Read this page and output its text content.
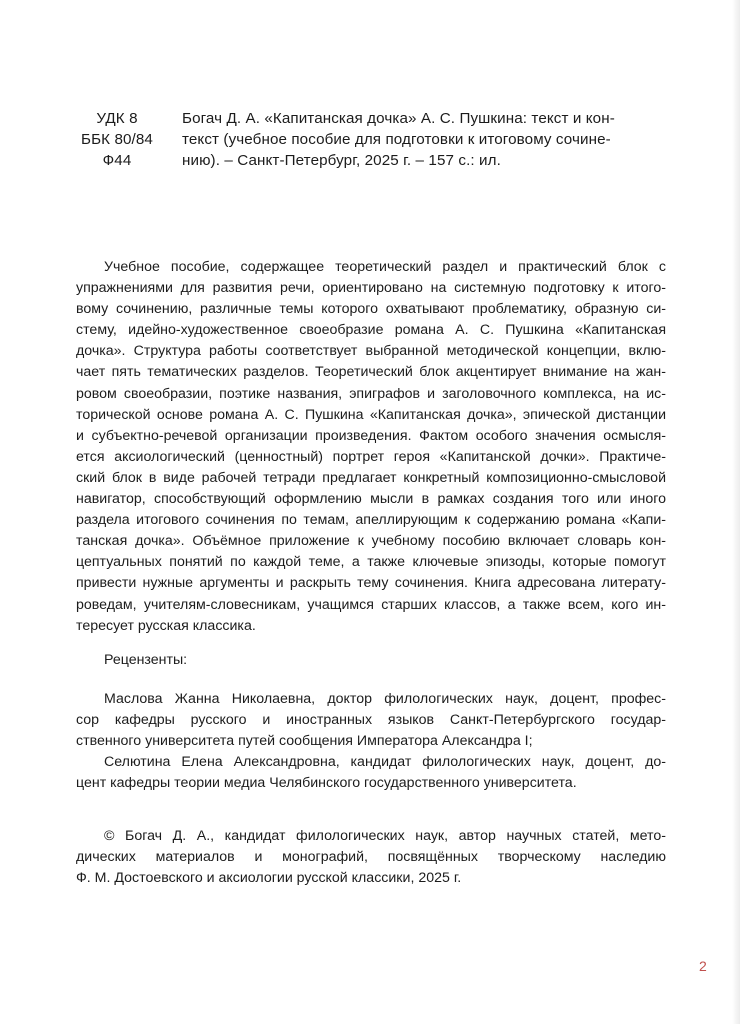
УДК 8
ББК 80/84
Ф44
Богач Д. А. «Капитанская дочка» А. С. Пушкина: текст и кон-
текст (учебное пособие для подготовки к итоговому сочине-
нию). – Санкт-Петербург, 2025 г. – 157 с.: ил.
Учебное пособие, содержащее теоретический раздел и практический блок с
упражнениями для развития речи, ориентировано на системную подготовку к итого-
вому сочинению, различные темы которого охватывают проблематику, образную си-
стему, идейно-художественное своеобразие романа А. С. Пушкина «Капитанская
дочка». Структура работы соответствует выбранной методической концепции, вклю-
чает пять тематических разделов. Теоретический блок акцентирует внимание на жан-
ровом своеобразии, поэтике названия, эпиграфов и заголовочного комплекса, на ис-
торической основе романа А. С. Пушкина «Капитанская дочка», эпической дистанции
и субъектно-речевой организации произведения. Фактом особого значения осмысля-
ется аксиологический (ценностный) портрет героя «Капитанской дочки». Практиче-
ский блок в виде рабочей тетради предлагает конкретный композиционно-смысловой
навигатор, способствующий оформлению мысли в рамках создания того или иного
раздела итогового сочинения по темам, апеллирующим к содержанию романа «Капи-
танская дочка». Объёмное приложение к учебному пособию включает словарь кон-
цептуальных понятий по каждой теме, а также ключевые эпизоды, которые помогут
привести нужные аргументы и раскрыть тему сочинения. Книга адресована литерату-
роведам, учителям-словесникам, учащимся старших классов, а также всем, кого ин-
тересует русская классика.
Рецензенты:
Маслова Жанна Николаевна, доктор филологических наук, доцент, профес-
сор кафедры русского и иностранных языков Санкт-Петербургского государ-
ственного университета путей сообщения Императора Александра I;
Селютина Елена Александровна, кандидат филологических наук, доцент, до-
цент кафедры теории медиа Челябинского государственного университета.
© Богач Д. А., кандидат филологических наук, автор научных статей, мето-
дических материалов и монографий, посвящённых творческому наследию
Ф. М. Достоевского и аксиологии русской классики, 2025 г.
2
